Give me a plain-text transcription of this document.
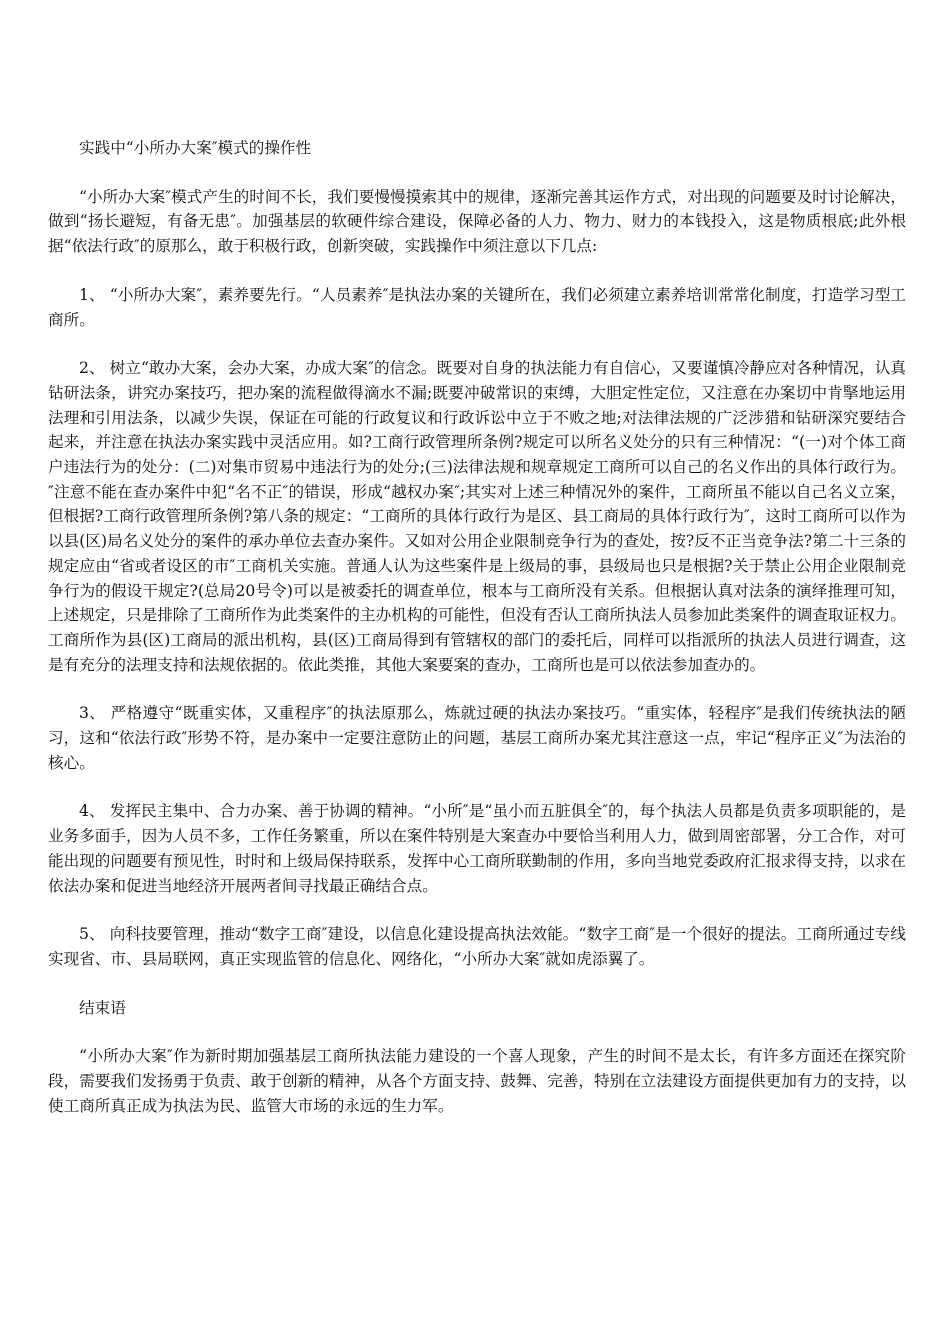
实践中“小所办大案″模式的操作性

“小所办大案″模式产生的时间不长，我们要慢慢摸索其中的规律，逐渐完善其运作方式，对出现的问题要及时讨论解决，做到“扬长避短，有备无患″。加强基层的软硬件综合建设，保障必备的人力、物力、财力的本钱投入，这是物质根底;此外根据“依法行政″的原那么，敢于积极行政，创新突破，实践操作中须注意以下几点:

1、 “小所办大案″，素养要先行。“人员素养″是执法办案的关键所在，我们必须建立素养培训常常化制度，打造学习型工商所。

2、 树立“敢办大案，会办大案，办成大案″的信念。既要对自身的执法能力有自信心，又要谨慎冷静应对各种情况，认真钻研法条，讲究办案技巧，把办案的流程做得滴水不漏;既要冲破常识的束缚，大胆定性定位，又注意在办案切中肯掔地运用法理和引用法条，以减少失误，保证在可能的行政复议和行政诉讼中立于不败之地;对法律法规的广泛涉猎和钻研深究要结合起来，并注意在执法办案实践中灵活应用。如?工商行政管理所条例?规定可以所名义处分的只有三种情况：“(一)对个体工商户违法行为的处分：(二)对集市贸易中违法行为的处分;(三)法律法规和规章规定工商所可以自己的名义作出的具体行政行为。″注意不能在查办案件中犯“名不正″的错误，形成“越权办案″;其实对上述三种情况外的案件，工商所虽不能以自己名义立案，但根据?工商行政管理所条例?第八条的规定：“工商所的具体行政行为是区、县工商局的具体行政行为″，这时工商所可以作为以县(区)局名义处分的案件的承办单位去查办案件。又如对公用企业限制竞争行为的查处，按?反不正当竞争法?第二十三条的规定应由“省或者设区的市″工商机关实施。普通人认为这些案件是上级局的事，县级局也只是根据?关于禁止公用企业限制竞争行为的假设干规定?(总局20号令)可以是被委托的调查单位，根本与工商所没有关系。但根据认真对法条的演绎推理可知，上述规定，只是排除了工商所作为此类案件的主办机构的可能性，但没有否认工商所执法人员参加此类案件的调查取证权力。工商所作为县(区)工商局的派出机构，县(区)工商局得到有管辖权的部门的委托后，同样可以指派所的执法人员进行调查，这是有充分的法理支持和法规依据的。依此类推，其他大案要案的查办，工商所也是可以依法参加查办的。

3、 严格遵守“既重实体，又重程序″的执法原那么，炼就过硬的执法办案技巧。“重实体，轻程序″是我们传统执法的陋习，这和“依法行政″形势不符，是办案中一定要注意防止的问题，基层工商所办案尤其注意这一点，牢记“程序正义″为法治的核心。

4、 发挥民主集中、合力办案、善于协调的精神。“小所″是“虽小而五脏俱全″的，每个执法人员都是负责多项职能的，是业务多面手，因为人员不多，工作任务繁重，所以在案件特别是大案查办中要恰当利用人力，做到周密部署，分工合作，对可能出现的问题要有预见性，时时和上级局保持联系，发挥中心工商所联勤制的作用，多向当地党委政府汇报求得支持，以求在依法办案和促进当地经济开展两者间寻找最正确结合点。

5、 向科技要管理，推动“数字工商″建设，以信息化建设提高执法效能。“数字工商″是一个很好的提法。工商所通过专线实现省、市、县局联网，真正实现监管的信息化、网络化，“小所办大案″就如虎添翼了。

结束语

“小所办大案″作为新时期加强基层工商所执法能力建设的一个喜人现象，产生的时间不是太长，有许多方面还在探究阶段，需要我们发扬勇于负责、敢于创新的精神，从各个方面支持、鼓舞、完善，特别在立法建设方面提供更加有力的支持，以使工商所真正成为执法为民、监管大市场的永远的生力军。
